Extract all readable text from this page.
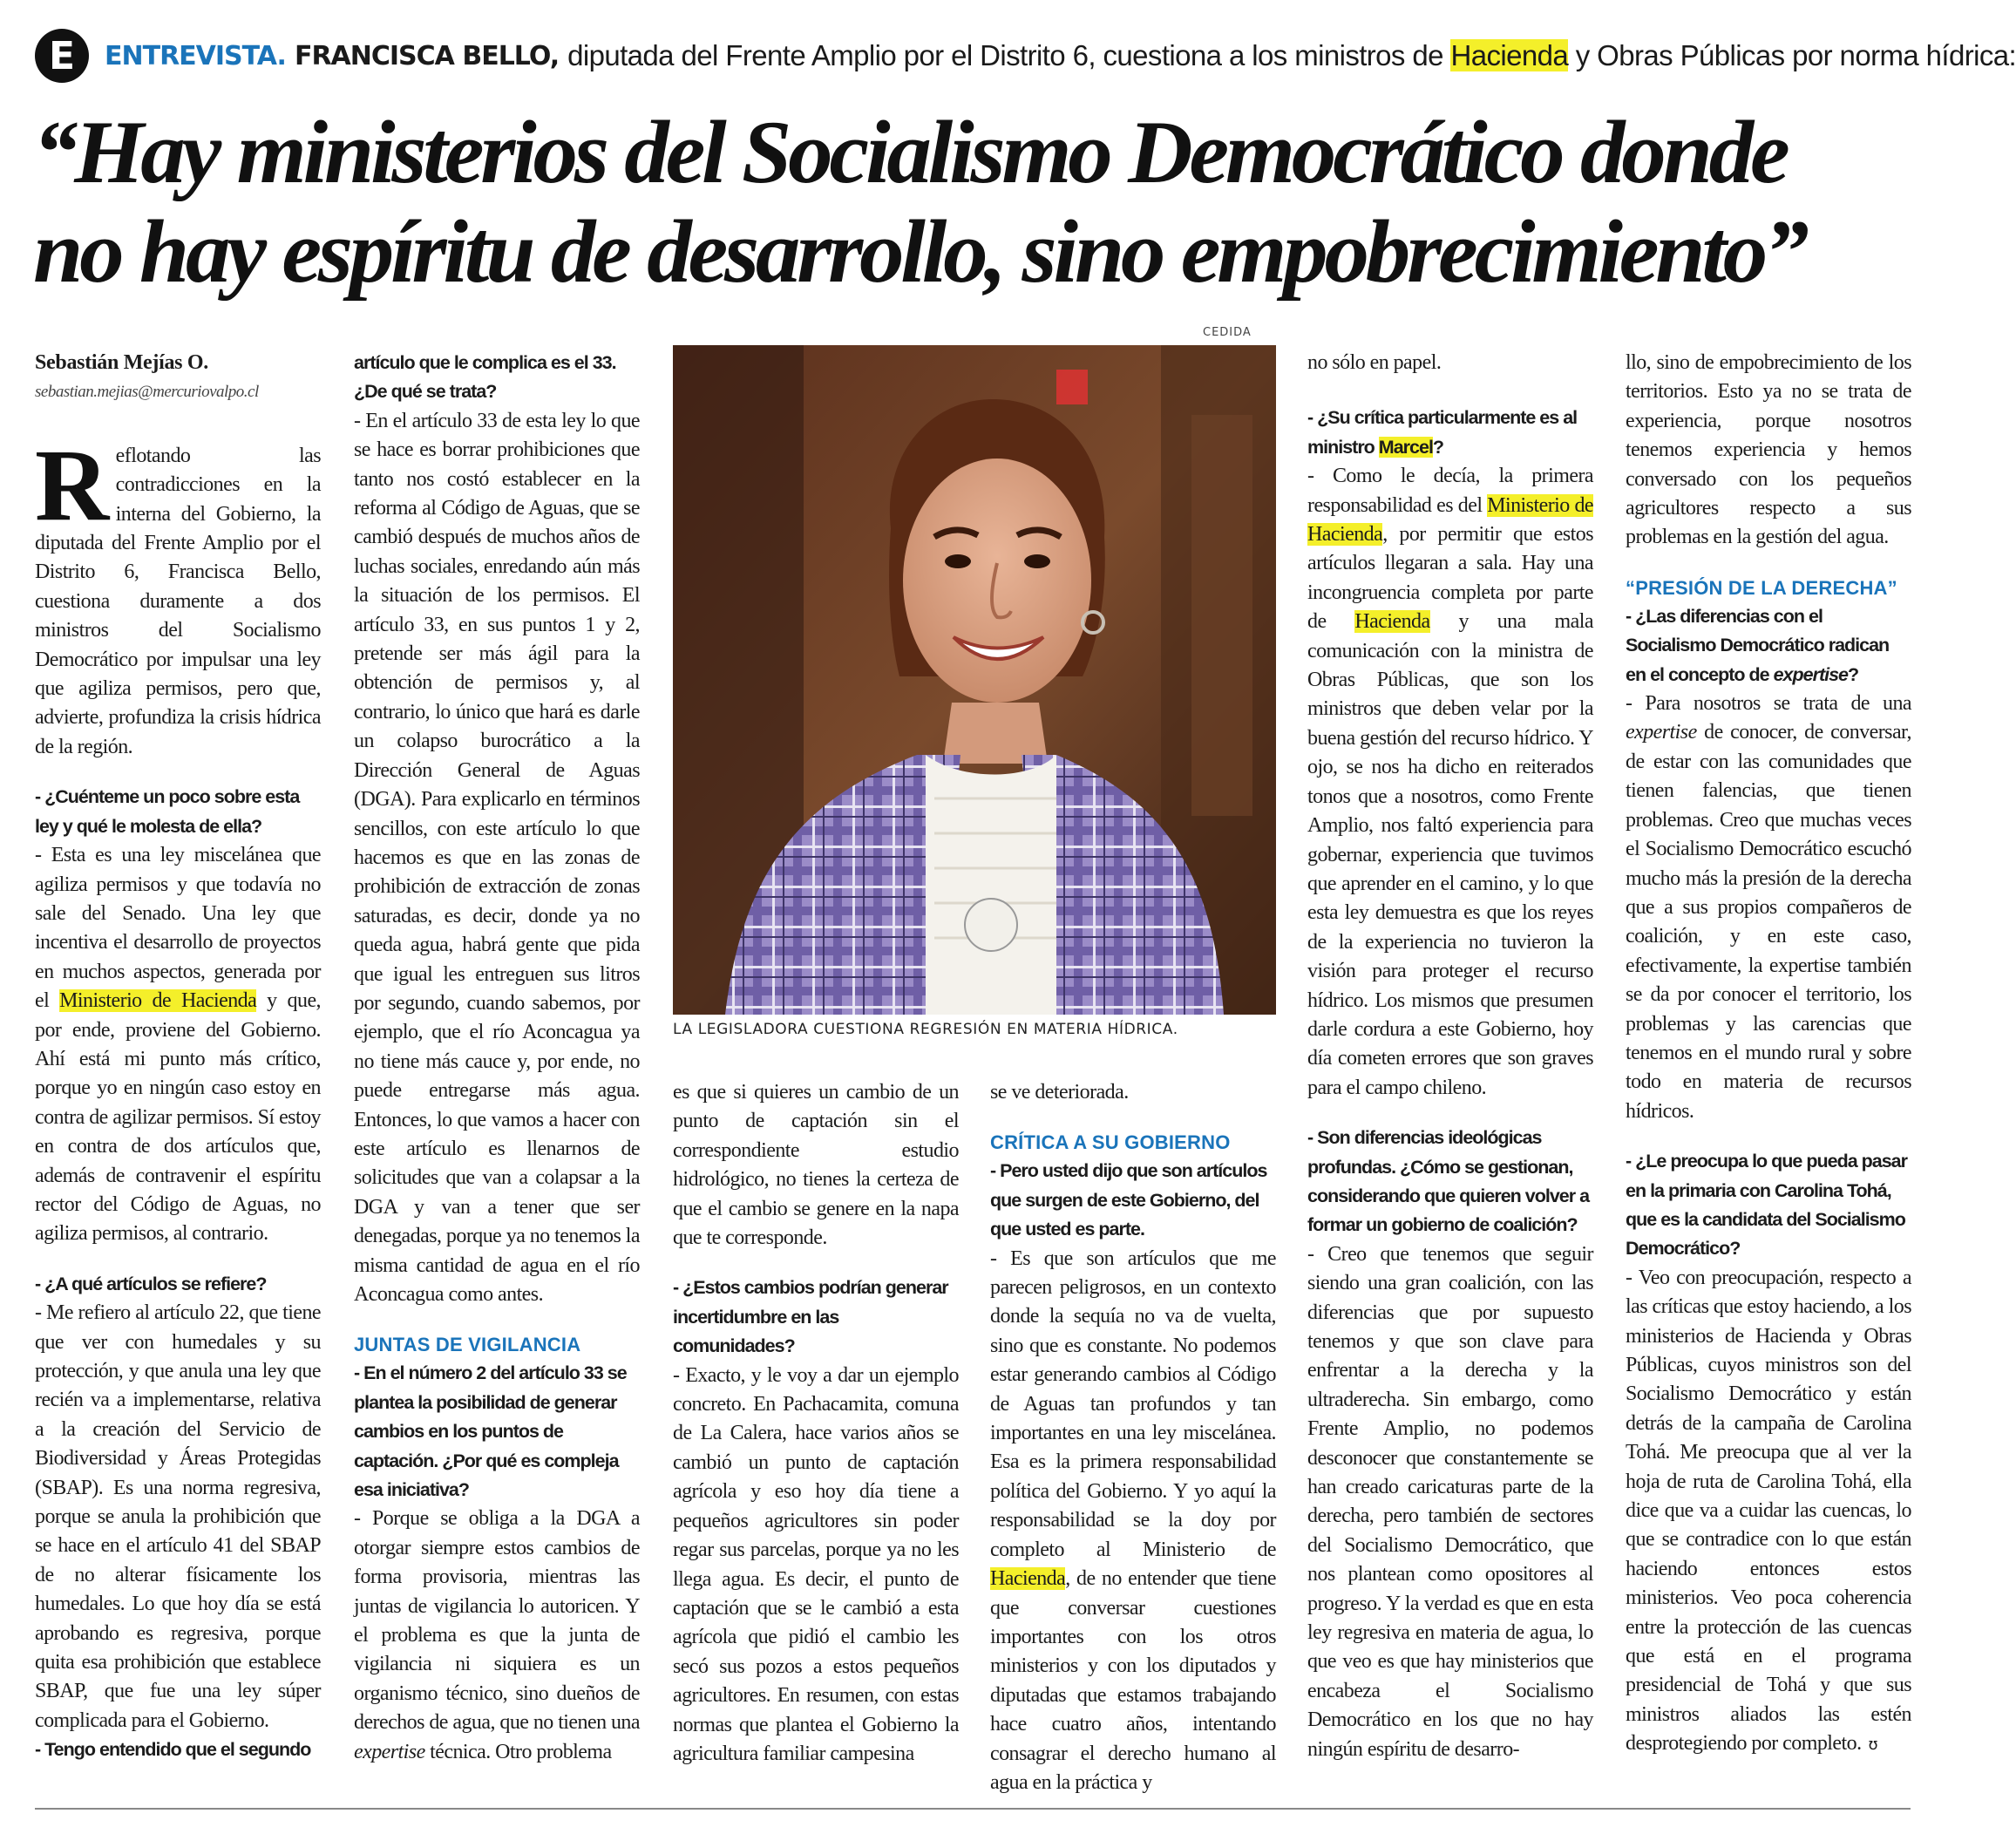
E	ENTREVISTA. FRANCISCA BELLO, diputada del Frente Amplio por el Distrito 6, cuestiona a los ministros de Hacienda y Obras Públicas por norma hídrica:
“Hay ministerios del Socialismo Democrático donde
no hay espíritu de desarrollo, sino empobrecimiento”

Sebastián Mejías O.

sebastian.mejias@mercuriovalpo.cl

Reflotando las contradicciones en la interna del Gobierno, la diputada del Frente Amplio por el Distrito 6, Francisca Bello, cuestiona duramente a dos ministros del Socialismo Democrático por impulsar una ley que agiliza permisos, pero que, advierte, profundiza la crisis hídrica de la región.

- ¿Cuénteme un poco sobre esta ley y qué le molesta de ella?

- Esta es una ley miscelánea que agiliza permisos y que todavía no sale del Senado. Una ley que incentiva el desarrollo de proyectos en muchos aspectos, generada por el Ministerio de Hacienda y que, por ende, proviene del Gobierno. Ahí está mi punto más crítico, porque yo en ningún caso estoy en contra de agilizar permisos. Sí estoy en contra de dos artículos que, además de contravenir el espíritu rector del Código de Aguas, no agiliza permisos, al contrario.

- ¿A qué artículos se refiere?

- Me refiero al artículo 22, que tiene que ver con humedales y su protección, y que anula una ley que recién va a implementarse, relativa a la creación del Servicio de Biodiversidad y Áreas Protegidas (SBAP). Es una norma regresiva, porque se anula la prohibición que se hace en el artículo 41 del SBAP de no alterar físicamente los humedales. Lo que hoy día se está aprobando es regresiva, porque quita esa prohibición que establece SBAP, que fue una ley súper complicada para el Gobierno.

- Tengo entendido que el segundo

artículo que le complica es el 33. ¿De qué se trata?

- En el artículo 33 de esta ley lo que se hace es borrar prohibiciones que tanto nos costó establecer en la reforma al Código de Aguas, que se cambió después de muchos años de luchas sociales, enredando aún más la situación de los permisos. El artículo 33, en sus puntos 1 y 2, pretende ser más ágil para la obtención de permisos y, al contrario, lo único que hará es darle un colapso burocrático a la Dirección General de Aguas (DGA). Para explicarlo en términos sencillos, con este artículo lo que hacemos es que en las zonas de prohibición de extracción de zonas saturadas, es decir, donde ya no queda agua, habrá gente que pida que igual les entreguen sus litros por segundo, cuando sabemos, por ejemplo, que el río Aconcagua ya no tiene más cauce y, por ende, no puede entregarse más agua. Entonces, lo que vamos a hacer con este artículo es llenarnos de solicitudes que van a colapsar a la DGA y van a tener que ser denegadas, porque ya no tenemos la misma cantidad de agua en el río Aconcagua como antes.

JUNTAS DE VIGILANCIA

- En el número 2 del artículo 33 se plantea la posibilidad de generar cambios en los puntos de captación. ¿Por qué es compleja esa iniciativa?

- Porque se obliga a la DGA a otorgar siempre estos cambios de forma provisoria, mientras las juntas de vigilancia lo autoricen. Y el problema es que la junta de vigilancia ni siquiera es un organismo técnico, sino dueños de derechos de agua, que no tienen una expertise técnica. Otro problema

CEDIDA

LA LEGISLADORA CUESTIONA REGRESIÓN EN MATERIA HÍDRICA.

es que si quieres un cambio de un punto de captación sin el correspondiente estudio hidrológico, no tienes la certeza de que el cambio se genere en la napa que te corresponde.

- ¿Estos cambios podrían generar incertidumbre en las comunidades?

- Exacto, y le voy a dar un ejemplo concreto. En Pachacamita, comuna de La Calera, hace varios años se cambió un punto de captación agrícola y eso hoy día tiene a pequeños agricultores sin poder regar sus parcelas, porque ya no les llega agua. Es decir, el punto de captación que se le cambió a esta agrícola que pidió el cambio les secó sus pozos a estos pequeños agricultores. En resumen, con estas normas que plantea el Gobierno la agricultura familiar campesina

se ve deteriorada.

CRÍTICA A SU GOBIERNO

- Pero usted dijo que son artículos que surgen de este Gobierno, del que usted es parte.

- Es que son artículos que me parecen peligrosos, en un contexto donde la sequía no va de vuelta, sino que es constante. No podemos estar generando cambios al Código de Aguas tan profundos y tan importantes en una ley miscelánea. Esa es la primera responsabilidad política del Gobierno. Y yo aquí la responsabilidad se la doy por completo al Ministerio de Hacienda, de no entender que tiene que conversar cuestiones importantes con los otros ministerios y con los diputados y diputadas que estamos trabajando hace cuatro años, intentando consagrar el derecho humano al agua en la práctica y

no sólo en papel.

- ¿Su crítica particularmente es al ministro Marcel?

- Como le decía, la primera responsabilidad es del Ministerio de Hacienda, por permitir que estos artículos llegaran a sala. Hay una incongruencia completa por parte de Hacienda y una mala comunicación con la ministra de Obras Públicas, que son los ministros que deben velar por la buena gestión del recurso hídrico. Y ojo, se nos ha dicho en reiterados tonos que a nosotros, como Frente Amplio, nos faltó experiencia para gobernar, experiencia que tuvimos que aprender en el camino, y lo que esta ley demuestra es que los reyes de la experiencia no tuvieron la visión para proteger el recurso hídrico. Los mismos que presumen darle cordura a este Gobierno, hoy día cometen errores que son graves para el campo chileno.

- Son diferencias ideológicas profundas. ¿Cómo se gestionan, considerando que quieren volver a formar un gobierno de coalición?

- Creo que tenemos que seguir siendo una gran coalición, con las diferencias que por supuesto tenemos y que son clave para enfrentar a la derecha y la ultraderecha. Sin embargo, como Frente Amplio, no podemos desconocer que constantemente se han creado caricaturas parte de la derecha, pero también de sectores del Socialismo Democrático, que nos plantean como opositores al progreso. Y la verdad es que en esta ley regresiva en materia de agua, lo que veo es que hay ministerios que encabeza el Socialismo Democrático en los que no hay ningún espíritu de desarro-

llo, sino de empobrecimiento de los territorios. Esto ya no se trata de experiencia, porque nosotros tenemos experiencia y hemos conversado con los pequeños agricultores respecto a sus problemas en la gestión del agua.

“PRESIÓN DE LA DERECHA”

- ¿Las diferencias con el Socialismo Democrático radican en el concepto de expertise?

- Para nosotros se trata de una expertise de conocer, de conversar, de estar con las comunidades que tienen falencias, que tienen problemas. Creo que muchas veces el Socialismo Democrático escuchó mucho más la presión de la derecha que a sus propios compañeros de coalición, y en este caso, efectivamente, la expertise también se da por conocer el territorio, los problemas y las carencias que tenemos en el mundo rural y sobre todo en materia de recursos hídricos.

- ¿Le preocupa lo que pueda pasar en la primaria con Carolina Tohá, que es la candidata del Socialismo Democrático?

- Veo con preocupación, respecto a las críticas que estoy haciendo, a los ministerios de Hacienda y Obras Públicas, cuyos ministros son del Socialismo Democrático y están detrás de la campaña de Carolina Tohá. Me preocupa que al ver la hoja de ruta de Carolina Tohá, ella dice que va a cuidar las cuencas, lo que se contradice con lo que están haciendo entonces estos ministerios. Veo poca coherencia entre la protección de las cuencas que está en el programa presidencial de Tohá y que sus ministros aliados las estén desprotegiendo por completo. ʊ
